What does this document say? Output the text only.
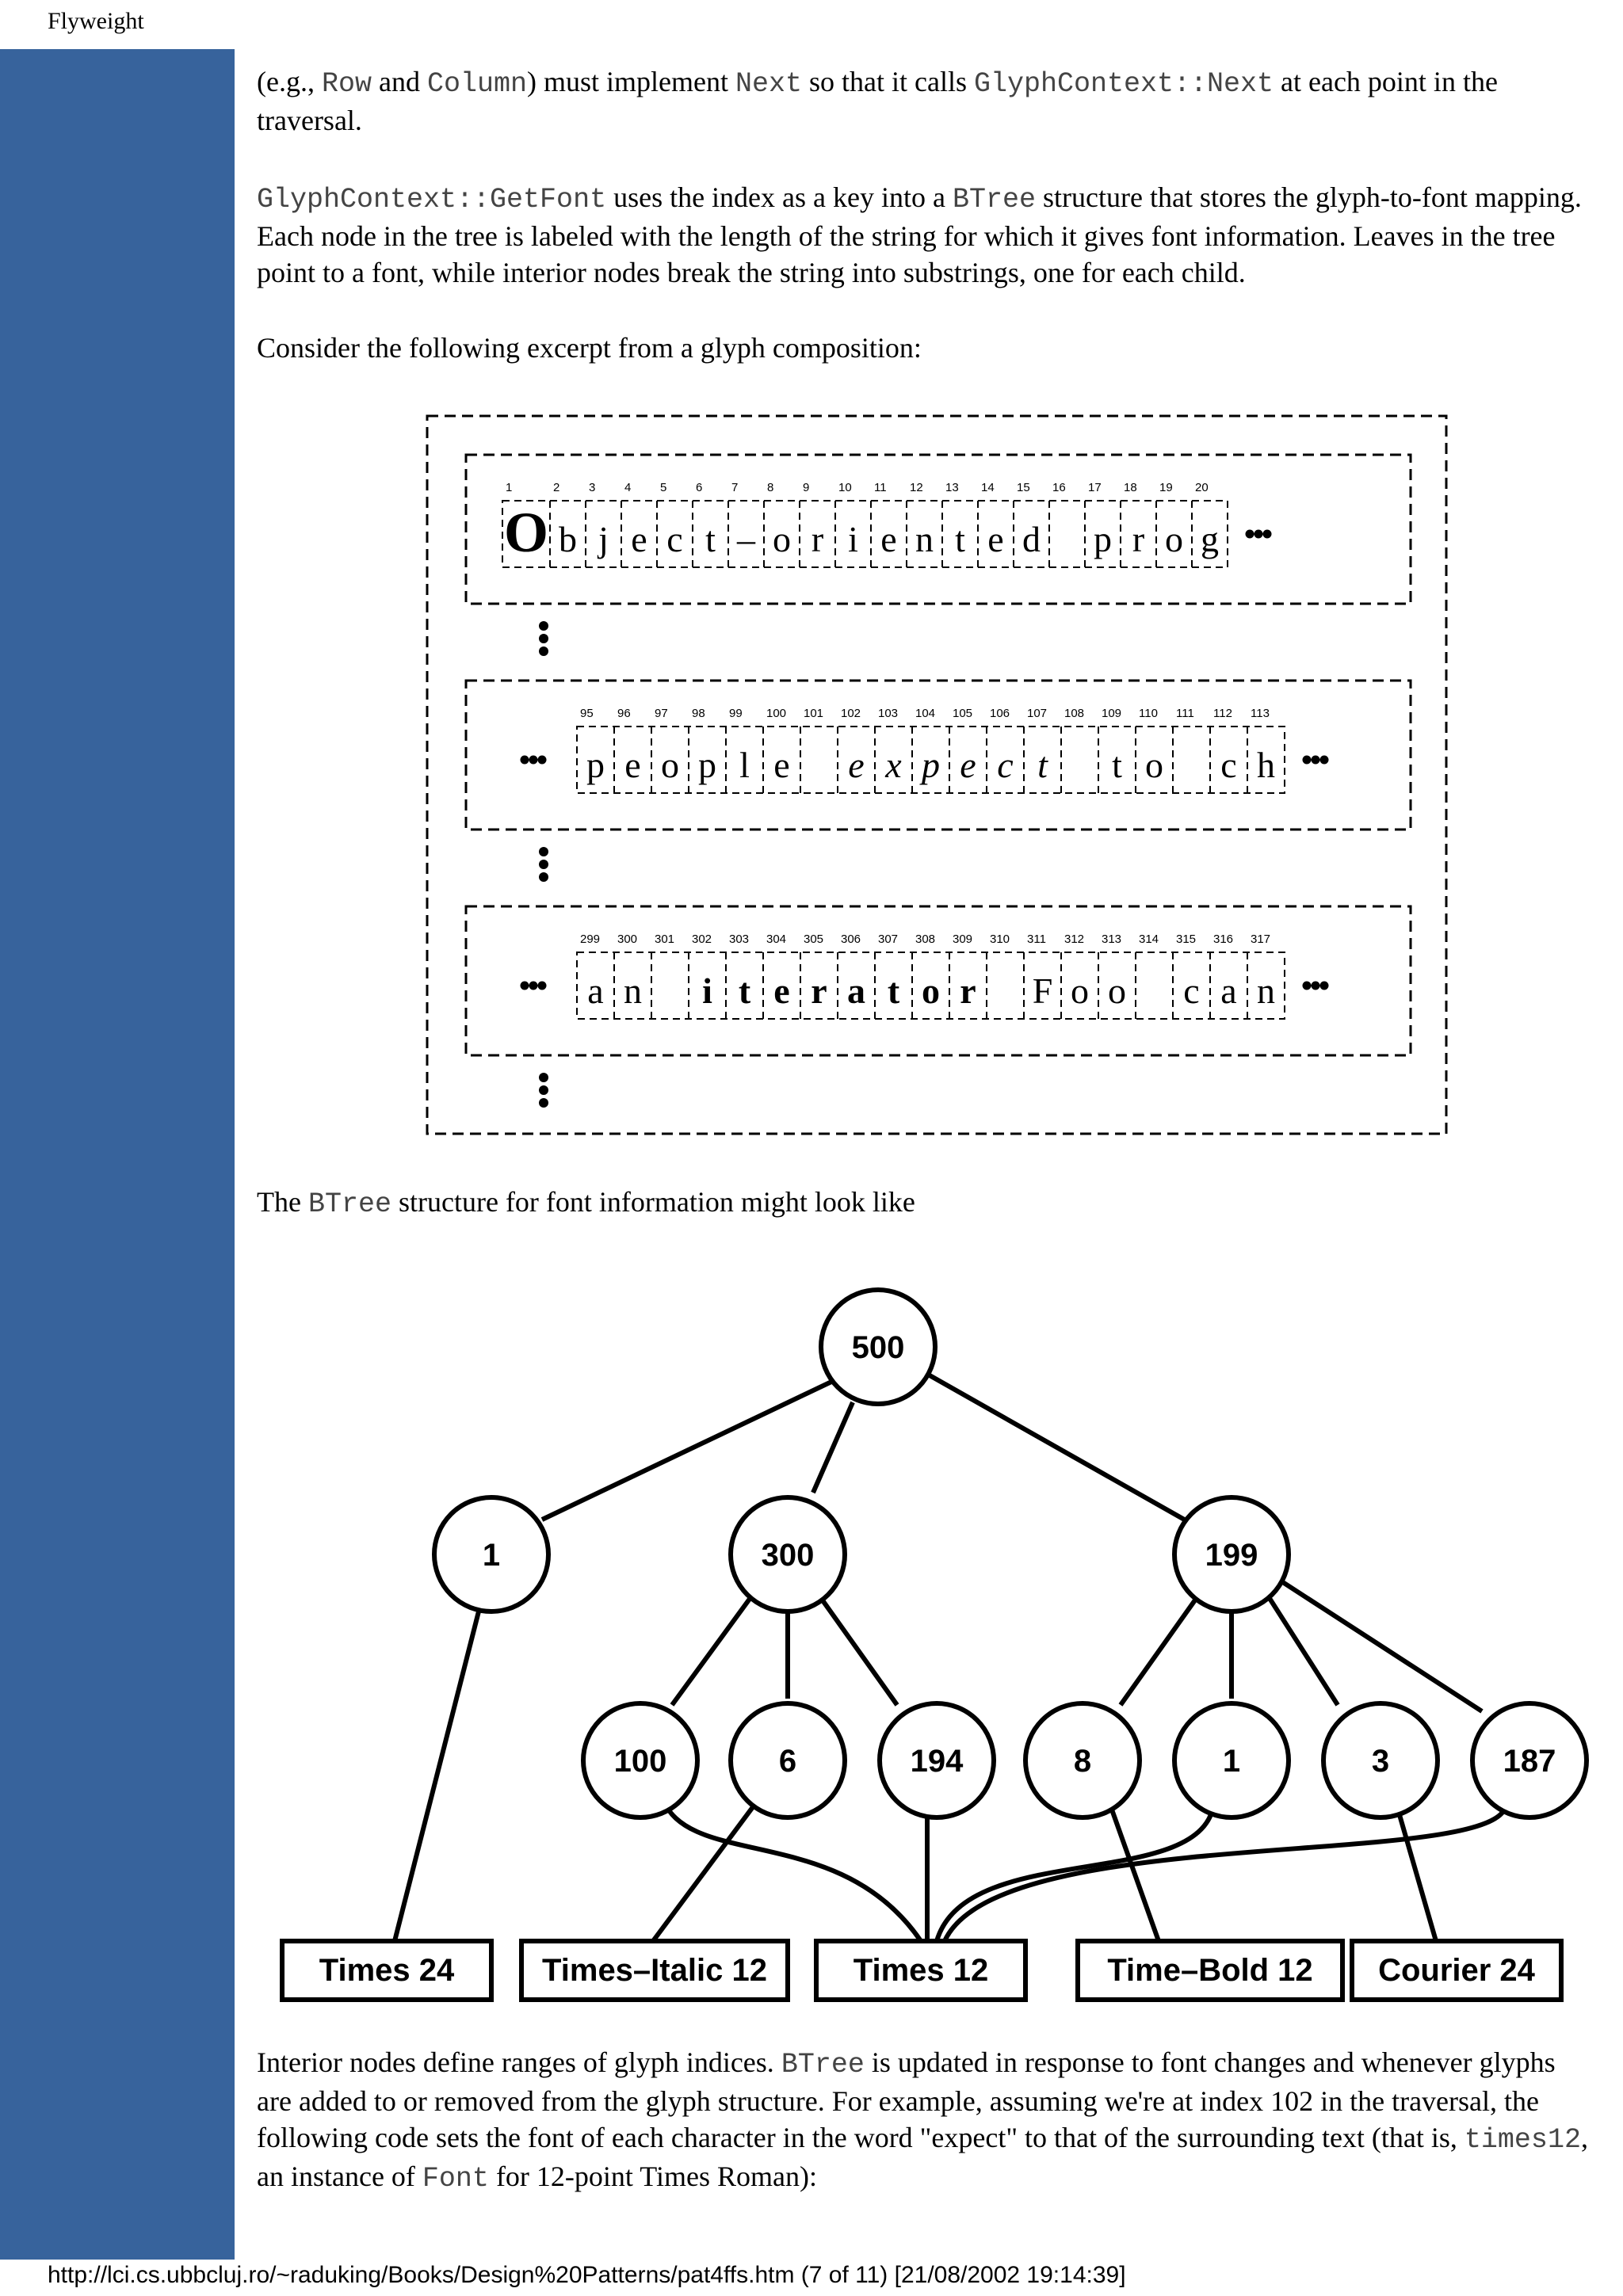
Flyweight

(e.g., Row and Column) must implement Next so that it calls GlyphContext::Next at each point in the traversal.

GlyphContext::GetFont uses the index as a key into a BTree structure that stores the glyph-to-font mapping. Each node in the tree is labeled with the length of the string for which it gives font information. Leaves in the tree point to a font, while interior nodes break the string into substrings, one for each child.

Consider the following excerpt from a glyph composition:

The BTree structure for font information might look like

Interior nodes define ranges of glyph indices. BTree is updated in response to font changes and whenever glyphs are added to or removed from the glyph structure. For example, assuming we're at index 102 in the traversal, the following code sets the font of each character in the word "expect" to that of the surrounding text (that is, times12, an instance of Font for 12-point Times Roman):

1
O
2
b
3
j
4
e
5
c
6
t
7
–
8
o
9
r
10
i
11
e
12
n
13
t
14
e
15
d
16 17
p
18
r
19
o
20
g
95
p
96
e
97
o
98
p
99
l
100
e
101 102
e
103
x
104
p
105
e
106
c
107
t
108 109
t
110
o
111 112
c
113
h
299
a
300
n
301 302
i
303
t
304
e
305
r
306
a
307
t
308
o
309
r
310 311
F
312
o
313
o
314 315
c
316
a
317
n
500
1	300	199
100	6	194	8	1	3	187
Times 24	Times–Italic 12	Times 12	Time–Bold 12 Courier 24
http://lci.cs.ubbcluj.ro/~raduking/Books/Design%20Patterns/pat4ffs.htm (7 of 11) [21/08/2002 19:14:39]
